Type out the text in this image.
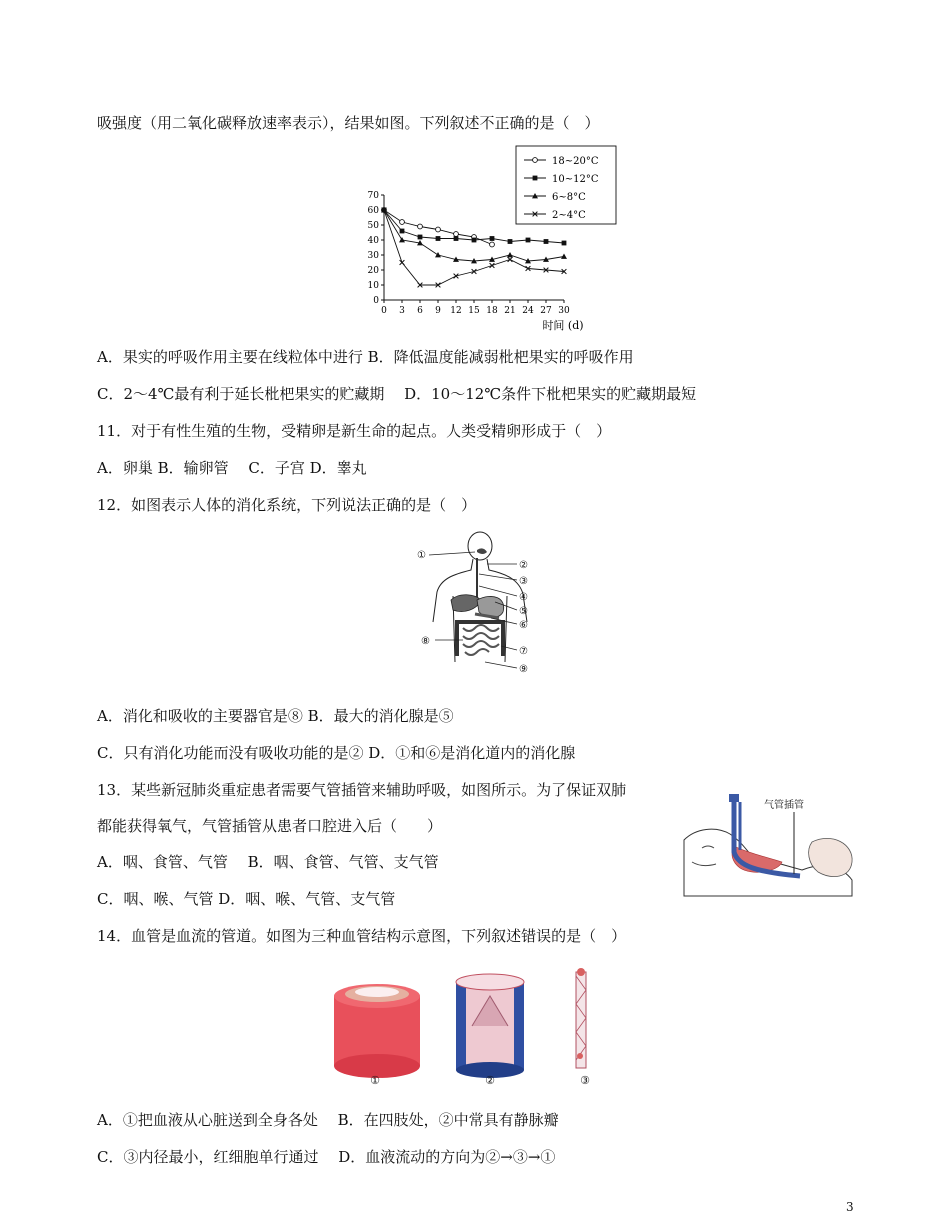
吸强度（用二氧化碳释放速率表示），结果如图。下列叙述不正确的是（　）
18~20°C
10~12°C
6~8°C
2~4°C
0 3 6 9 12 15 18 21 24 27 30
0
10
20
30
40
50
60
70
时间 (d)
A．果实的呼吸作用主要在线粒体中进行 B．降低温度能减弱枇杷果实的呼吸作用
C．2～4℃最有利于延长枇杷果实的贮藏期　 D．10～12℃条件下枇杷果实的贮藏期最短
11．对于有性生殖的生物，受精卵是新生命的起点。人类受精卵形成于（　）
A．卵巢 B．输卵管　 C．子宫 D．睾丸
12．如图表示人体的消化系统，下列说法正确的是（　）
①
②
③
④
⑤
⑥
⑦
⑧
⑨
A．消化和吸收的主要器官是⑧ B．最大的消化腺是⑤
C．只有消化功能而没有吸收功能的是② D．①和⑥是消化道内的消化腺
13．某些新冠肺炎重症患者需要气管插管来辅助呼吸，如图所示。为了保证双肺
都能获得氧气，气管插管从患者口腔进入后（　　）
A．咽、食管、气管　 B．咽、食管、气管、支气管
C．咽、喉、气管 D．咽、喉、气管、支气管
气管插管
14．血管是血流的管道。如图为三种血管结构示意图，下列叙述错误的是（　）
①	②	③
A．①把血液从心脏送到全身各处　 B．在四肢处，②中常具有静脉瓣
C．③内径最小，红细胞单行通过　 D．血液流动的方向为②→③→①
3
